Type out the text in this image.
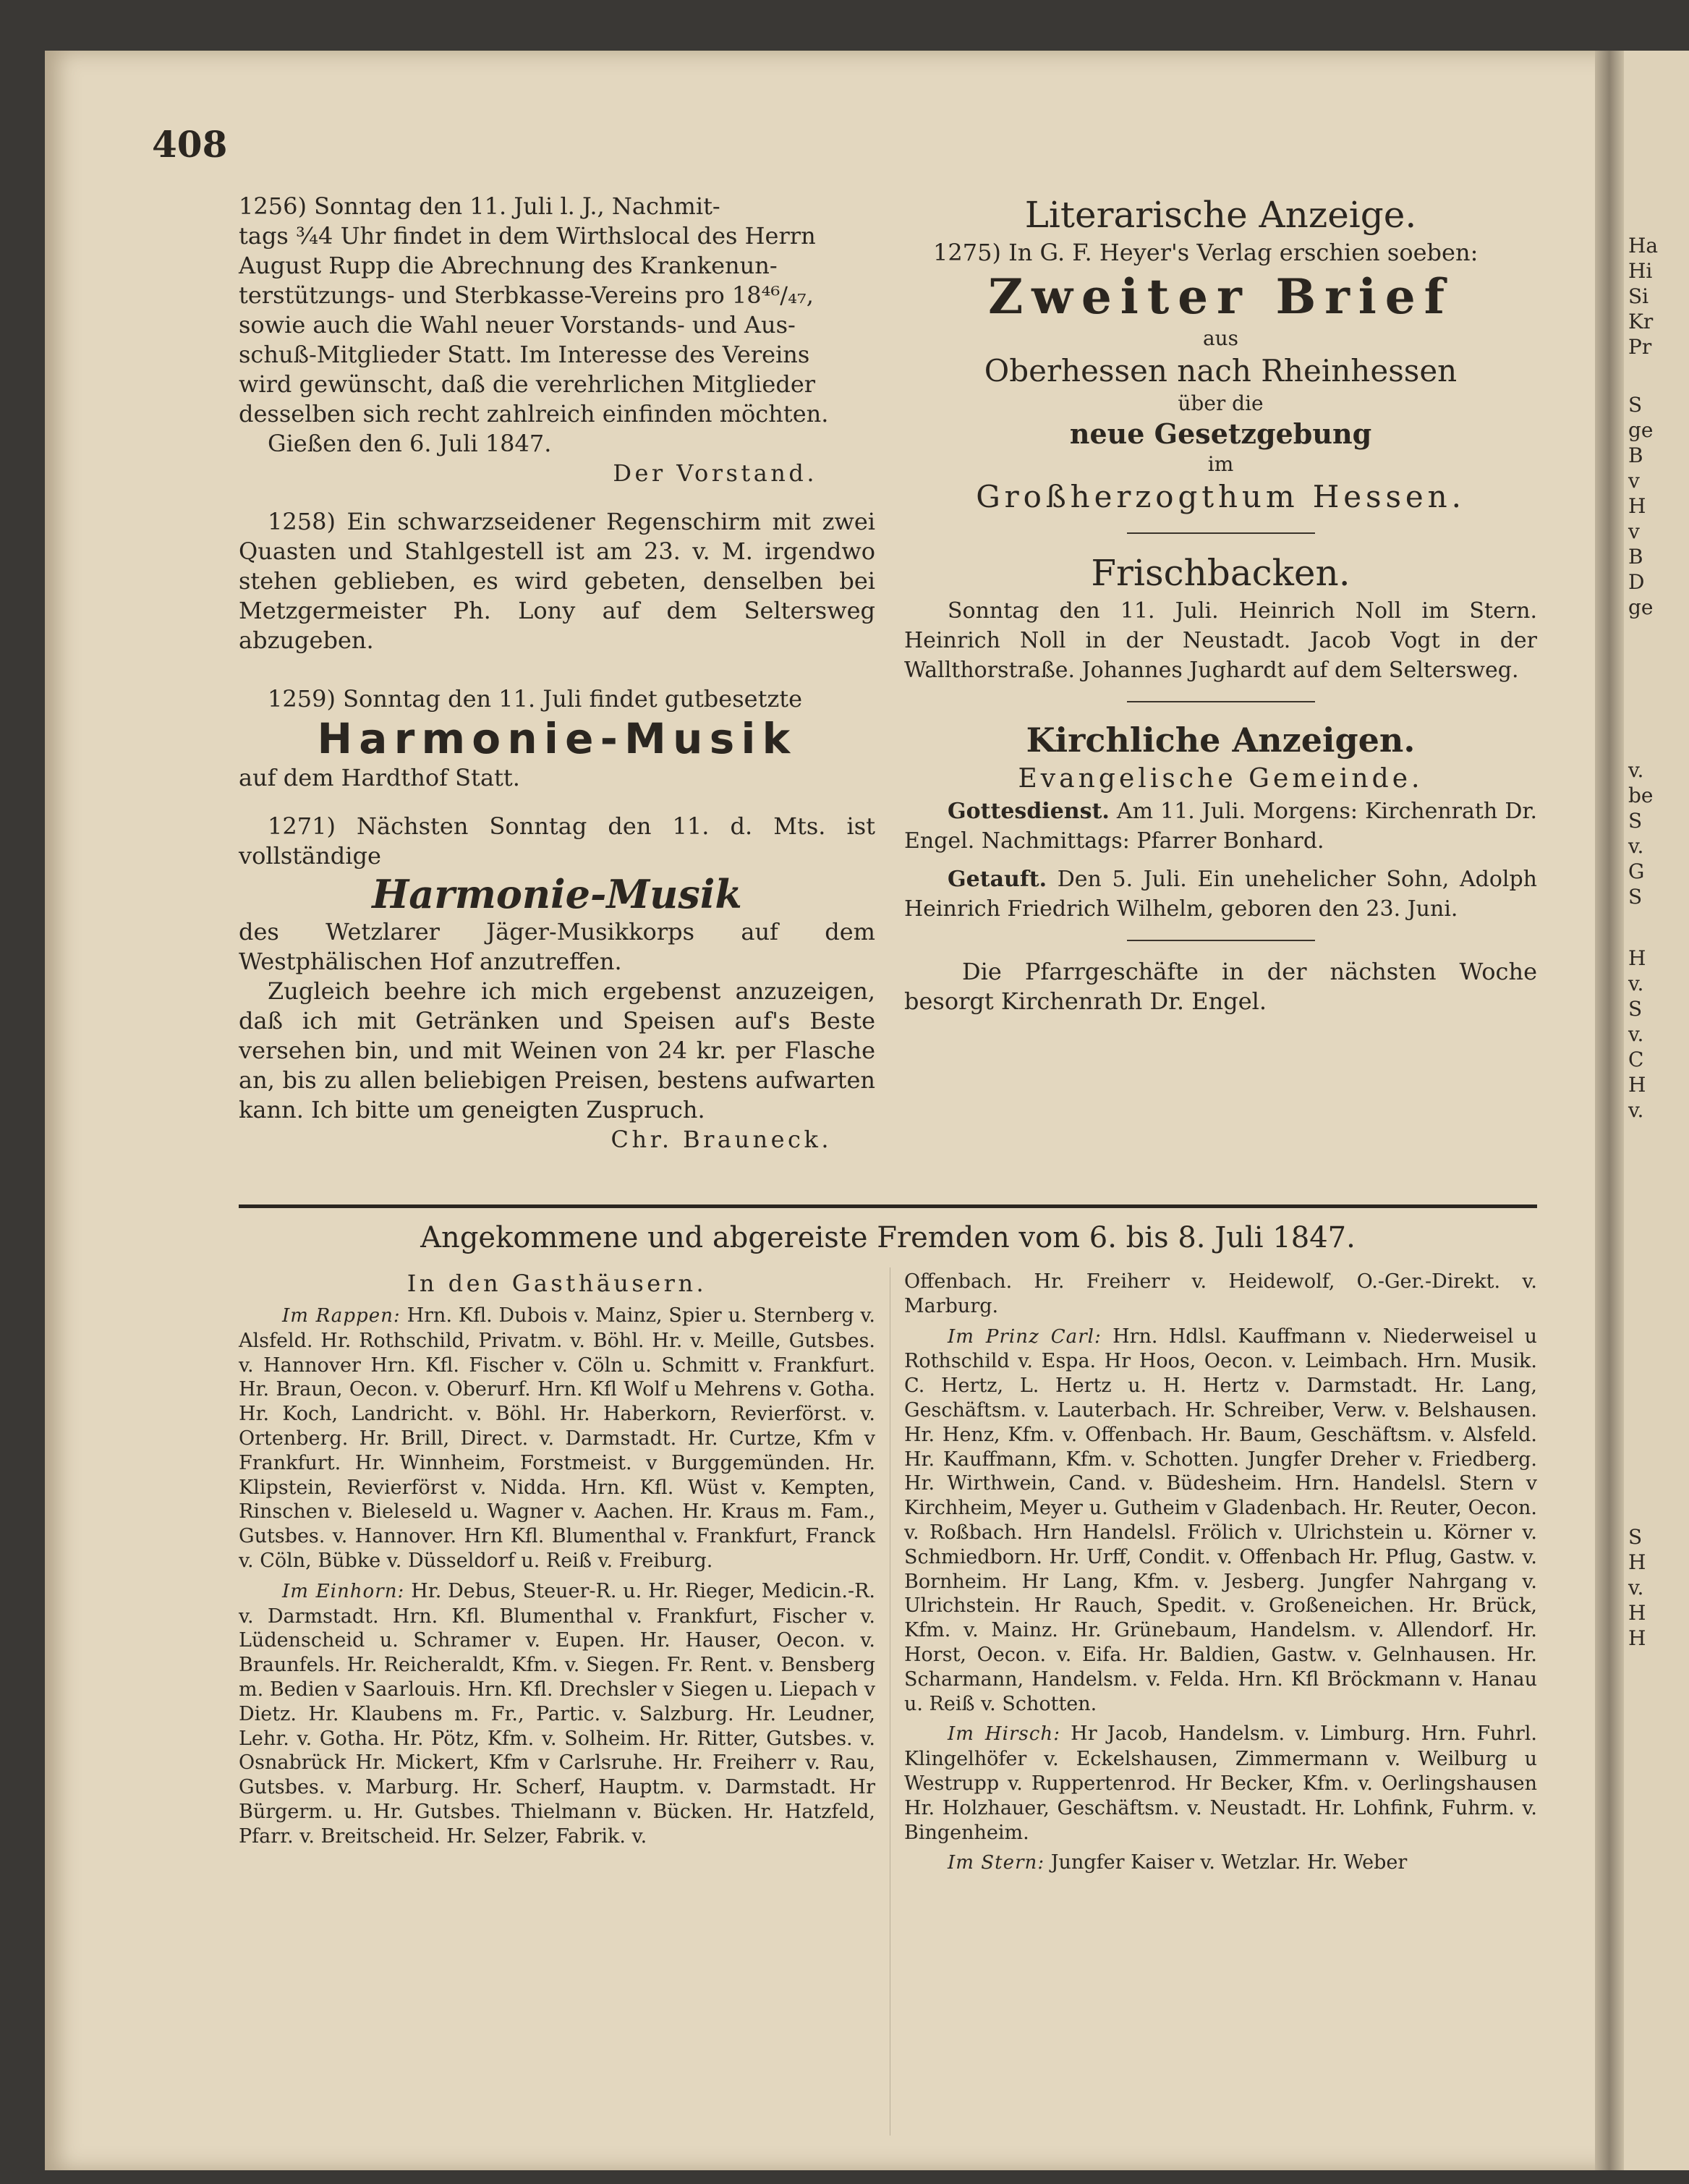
Ha
Hi
Si
Kr
Pr
S
ge
B
v
H
v
B
D
ge
v.
be
S
v.
G
S
H
v.
S
v.
C
H
v.
S
H
v.
H
H
408

1256) Sonntag den 11. Juli l. J., Nachmit-

tags ¾4 Uhr findet in dem Wirthslocal des Herrn

August Rupp die Abrechnung des Krankenun-

terstützungs- und Sterbkasse-Vereins pro 18⁴⁶/₄₇,

sowie auch die Wahl neuer Vorstands- und Aus-

schuß-Mitglieder Statt. Im Interesse des Vereins

wird gewünscht, daß die verehrlichen Mitglieder

desselben sich recht zahlreich einfinden möchten.

Gießen den 6. Juli 1847.

Der Vorstand.

1258) Ein schwarzseidener Regenschirm mit zwei Quasten und Stahlgestell ist am 23. v. M. irgendwo stehen geblieben, es wird gebeten, denselben bei Metzgermeister Ph. Lony auf dem Seltersweg abzugeben.

1259) Sonntag den 11. Juli findet gutbesetzte

Harmonie-Musik

auf dem Hardthof Statt.

1271) Nächsten Sonntag den 11. d. Mts. ist vollständige

Harmonie-Musik

des Wetzlarer Jäger-Musikkorps auf dem Westphälischen Hof anzutreffen.

Zugleich beehre ich mich ergebenst anzuzeigen, daß ich mit Getränken und Speisen auf's Beste versehen bin, und mit Weinen von 24 kr. per Flasche an, bis zu allen beliebigen Preisen, bestens aufwarten kann. Ich bitte um geneigten Zuspruch.

Chr. Brauneck.

Literarische Anzeige.

1275) In G. F. Heyer's Verlag erschien soeben:

Zweiter Brief
aus
Oberhessen nach Rheinhessen
über die
neue Gesetzgebung
im
Großherzogthum Hessen.
Frischbacken.

Sonntag den 11. Juli. Heinrich Noll im Stern. Heinrich Noll in der Neustadt. Jacob Vogt in der Wallthorstraße. Johannes Jughardt auf dem Seltersweg.

Kirchliche Anzeigen.
Evangelische Gemeinde.

Gottesdienst. Am 11. Juli. Morgens: Kirchenrath Dr. Engel. Nachmittags: Pfarrer Bonhard.

Getauft. Den 5. Juli. Ein unehelicher Sohn, Adolph Heinrich Friedrich Wilhelm, geboren den 23. Juni.

Die Pfarrgeschäfte in der nächsten Woche besorgt Kirchenrath Dr. Engel.

Angekommene und abgereiste Fremden vom 6. bis 8. Juli 1847.
In den Gasthäusern.

Im Rappen: Hrn. Kfl. Dubois v. Mainz, Spier u. Sternberg v. Alsfeld. Hr. Rothschild, Privatm. v. Böhl. Hr. v. Meille, Gutsbes. v. Hannover Hrn. Kfl. Fischer v. Cöln u. Schmitt v. Frankfurt. Hr. Braun, Oecon. v. Oberurf. Hrn. Kfl Wolf u Mehrens v. Gotha. Hr. Koch, Landricht. v. Böhl. Hr. Haberkorn, Revierförst. v. Ortenberg. Hr. Brill, Direct. v. Darmstadt. Hr. Curtze, Kfm v Frankfurt. Hr. Winnheim, Forstmeist. v Burggemünden. Hr. Klipstein, Revierförst v. Nidda. Hrn. Kfl. Wüst v. Kempten, Rinschen v. Bieleseld u. Wagner v. Aachen. Hr. Kraus m. Fam., Gutsbes. v. Hannover. Hrn Kfl. Blumenthal v. Frankfurt, Franck v. Cöln, Bübke v. Düsseldorf u. Reiß v. Freiburg.

Im Einhorn: Hr. Debus, Steuer-R. u. Hr. Rieger, Medicin.-R. v. Darmstadt. Hrn. Kfl. Blumenthal v. Frankfurt, Fischer v. Lüdenscheid u. Schramer v. Eupen. Hr. Hauser, Oecon. v. Braunfels. Hr. Reicheraldt, Kfm. v. Siegen. Fr. Rent. v. Bensberg m. Bedien v Saarlouis. Hrn. Kfl. Drechsler v Siegen u. Liepach v Dietz. Hr. Klaubens m. Fr., Partic. v. Salzburg. Hr. Leudner, Lehr. v. Gotha. Hr. Pötz, Kfm. v. Solheim. Hr. Ritter, Gutsbes. v. Osnabrück Hr. Mickert, Kfm v Carlsruhe. Hr. Freiherr v. Rau, Gutsbes. v. Marburg. Hr. Scherf, Hauptm. v. Darmstadt. Hr Bürgerm. u. Hr. Gutsbes. Thielmann v. Bücken. Hr. Hatzfeld, Pfarr. v. Breitscheid. Hr. Selzer, Fabrik. v.

Offenbach. Hr. Freiherr v. Heidewolf, O.-Ger.-Direkt. v. Marburg.

Im Prinz Carl: Hrn. Hdlsl. Kauffmann v. Niederweisel u Rothschild v. Espa. Hr Hoos, Oecon. v. Leimbach. Hrn. Musik. C. Hertz, L. Hertz u. H. Hertz v. Darmstadt. Hr. Lang, Geschäftsm. v. Lauterbach. Hr. Schreiber, Verw. v. Belshausen. Hr. Henz, Kfm. v. Offenbach. Hr. Baum, Geschäftsm. v. Alsfeld. Hr. Kauffmann, Kfm. v. Schotten. Jungfer Dreher v. Friedberg. Hr. Wirthwein, Cand. v. Büdesheim. Hrn. Handelsl. Stern v Kirchheim, Meyer u. Gutheim v Gladenbach. Hr. Reuter, Oecon. v. Roßbach. Hrn Handelsl. Frölich v. Ulrichstein u. Körner v. Schmiedborn. Hr. Urff, Condit. v. Offenbach Hr. Pflug, Gastw. v. Bornheim. Hr Lang, Kfm. v. Jesberg. Jungfer Nahrgang v. Ulrichstein. Hr Rauch, Spedit. v. Großeneichen. Hr. Brück, Kfm. v. Mainz. Hr. Grünebaum, Handelsm. v. Allendorf. Hr. Horst, Oecon. v. Eifa. Hr. Baldien, Gastw. v. Gelnhausen. Hr. Scharmann, Handelsm. v. Felda. Hrn. Kfl Bröckmann v. Hanau u. Reiß v. Schotten.

Im Hirsch: Hr Jacob, Handelsm. v. Limburg. Hrn. Fuhrl. Klingelhöfer v. Eckelshausen, Zimmermann v. Weilburg u Westrupp v. Ruppertenrod. Hr Becker, Kfm. v. Oerlingshausen Hr. Holzhauer, Geschäftsm. v. Neustadt. Hr. Lohfink, Fuhrm. v. Bingenheim.

Im Stern: Jungfer Kaiser v. Wetzlar. Hr. Weber
